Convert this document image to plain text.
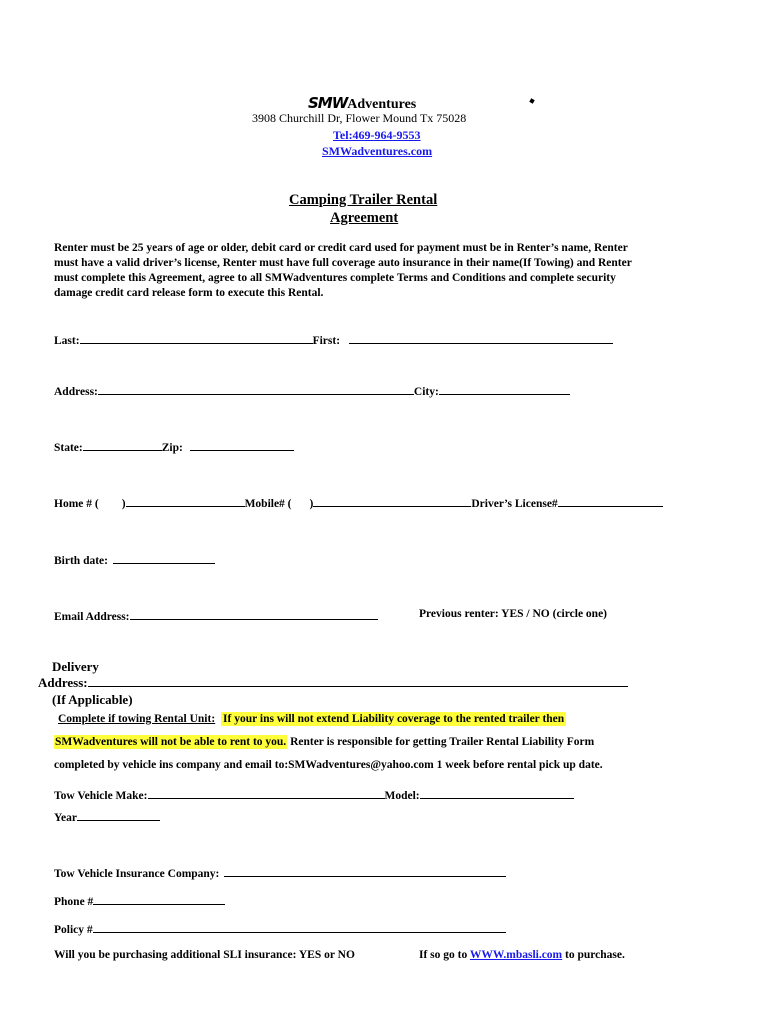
SMWAdventures
3908 Churchill Dr, Flower Mound Tx 75028
Tel:469-964-9553
SMWadventures.com
Camping Trailer Rental
Agreement
Renter must be 25 years of age or older, debit card or credit card used for payment must be in Renter’s name, Renter
must have a valid driver’s license, Renter must have full coverage auto insurance in their name(If Towing) and Renter
must complete this Agreement, agree to all SMWadventures complete Terms and Conditions and complete security
damage credit card release form to execute this Rental.
Last:	First:
Address:	City:
State:	Zip:
Home # ( )	Mobile# ( )	Driver’s License#
Birth date:
Email Address:	Previous renter: YES / NO (circle one)
Delivery
Address:
(If Applicable)
Complete if towing Rental Unit: If your ins will not extend Liability coverage to the rented trailer then
SMWadventures will not be able to rent to you. Renter is responsible for getting Trailer Rental Liability Form
completed by vehicle ins company and email to:SMWadventures@yahoo.com 1 week before rental pick up date.
Tow Vehicle Make:	Model:
Year
Tow Vehicle Insurance Company:
Phone #
Policy #
Will you be purchasing additional SLI insurance: YES or NO	If so go to WWW.mbasli.com to purchase.
